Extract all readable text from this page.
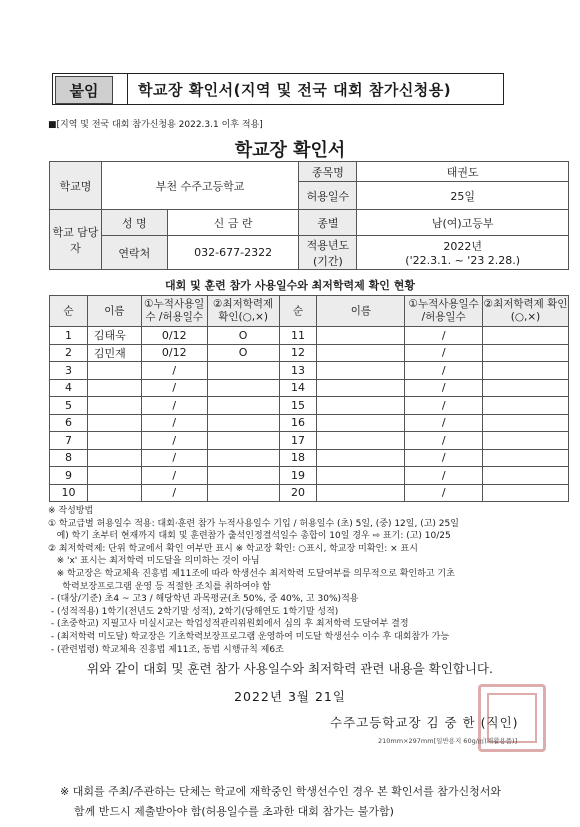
붙임	학교장 확인서(지역 및 전국 대회 참가신청용)
■[지역 및 전국 대회 참가신청용 2022.3.1 이후 적용]
학교장 확인서
학교명	부천 수주고등학교		종목명	태권도
			허용일수	25일
학교 담당자	성 명	신 금 란	종별	남(여)고등부
	연락처	032-677-2322	적용년도 (기간)	2022년
('22.3.1. ~ '23 2.28.)
대회 및 훈련 참가 사용일수와 최저학력제 확인 현황
순	이름	①누적사용일수 /허용일수	②최저학력제 확인(○,×)	순	이름	①누적사용일수 /허용일수	②최저학력제 확인(○,×)
1	김태욱	0/12	O	11		/	
2	김민재	0/12	O	12		/	
3		/		13		/	
4		/		14		/	
5		/		15		/	
6		/		16		/	
7		/		17		/	
8		/		18		/	
9		/		19		/	
10		/		20		/	
※ 작성방법
① 학교급별 허용일수 적용: 대회·훈련 참가 누적사용일수 기입 / 허용일수 (초) 5일, (중) 12일, (고) 25일
예) 학기 초부터 현재까지 대회 및 훈련참가 출석인정결석일수 총합이 10일 경우 ⇨ 표기: (고) 10/25
② 최저학력제: 단위 학교에서 확인 여부만 표시 ※ 학교장 확인: ○표시, 학교장 미확인: × 표시
※ 'x' 표시는 최저학력 미도달을 의미하는 것이 아님
※ 학교장은 학교체육 진흥법 제11조에 따라 학생선수 최저학력 도달여부를 의무적으로 확인하고 기초
학력보장프로그램 운영 등 적절한 조치를 취하여야 함
- (대상/기준) 초4 ~ 고3 / 해당학년 과목평균(초 50%, 중 40%, 고 30%)적용
- (성적적용) 1학기(전년도 2학기말 성적), 2학기(당해연도 1학기말 성적)
- (초중학교) 지필고사 미실시교는 학업성적관리위원회에서 심의 후 최저학력 도달여부 결정
- (최저학력 미도달) 학교장은 기초학력보장프로그램 운영하여 미도달 학생선수 이수 후 대회참가 가능
- (관련법령) 학교체육 진흥법 제11조, 동법 시행규칙 제6조
위와 같이 대회 및 훈련 참가 사용일수와 최저학력 관련 내용을 확인합니다.
2022년 3월 21일
수주고등학교장 김 중 한 (직인)
210mm×297mm[일반용지 60g/㎡(재활용품)]
※ 대회를 주최/주관하는 단체는 학교에 재학중인 학생선수인 경우 본 확인서를 참가신청서와
함께 반드시 제출받아야 함(허용일수를 초과한 대회 참가는 불가함)
